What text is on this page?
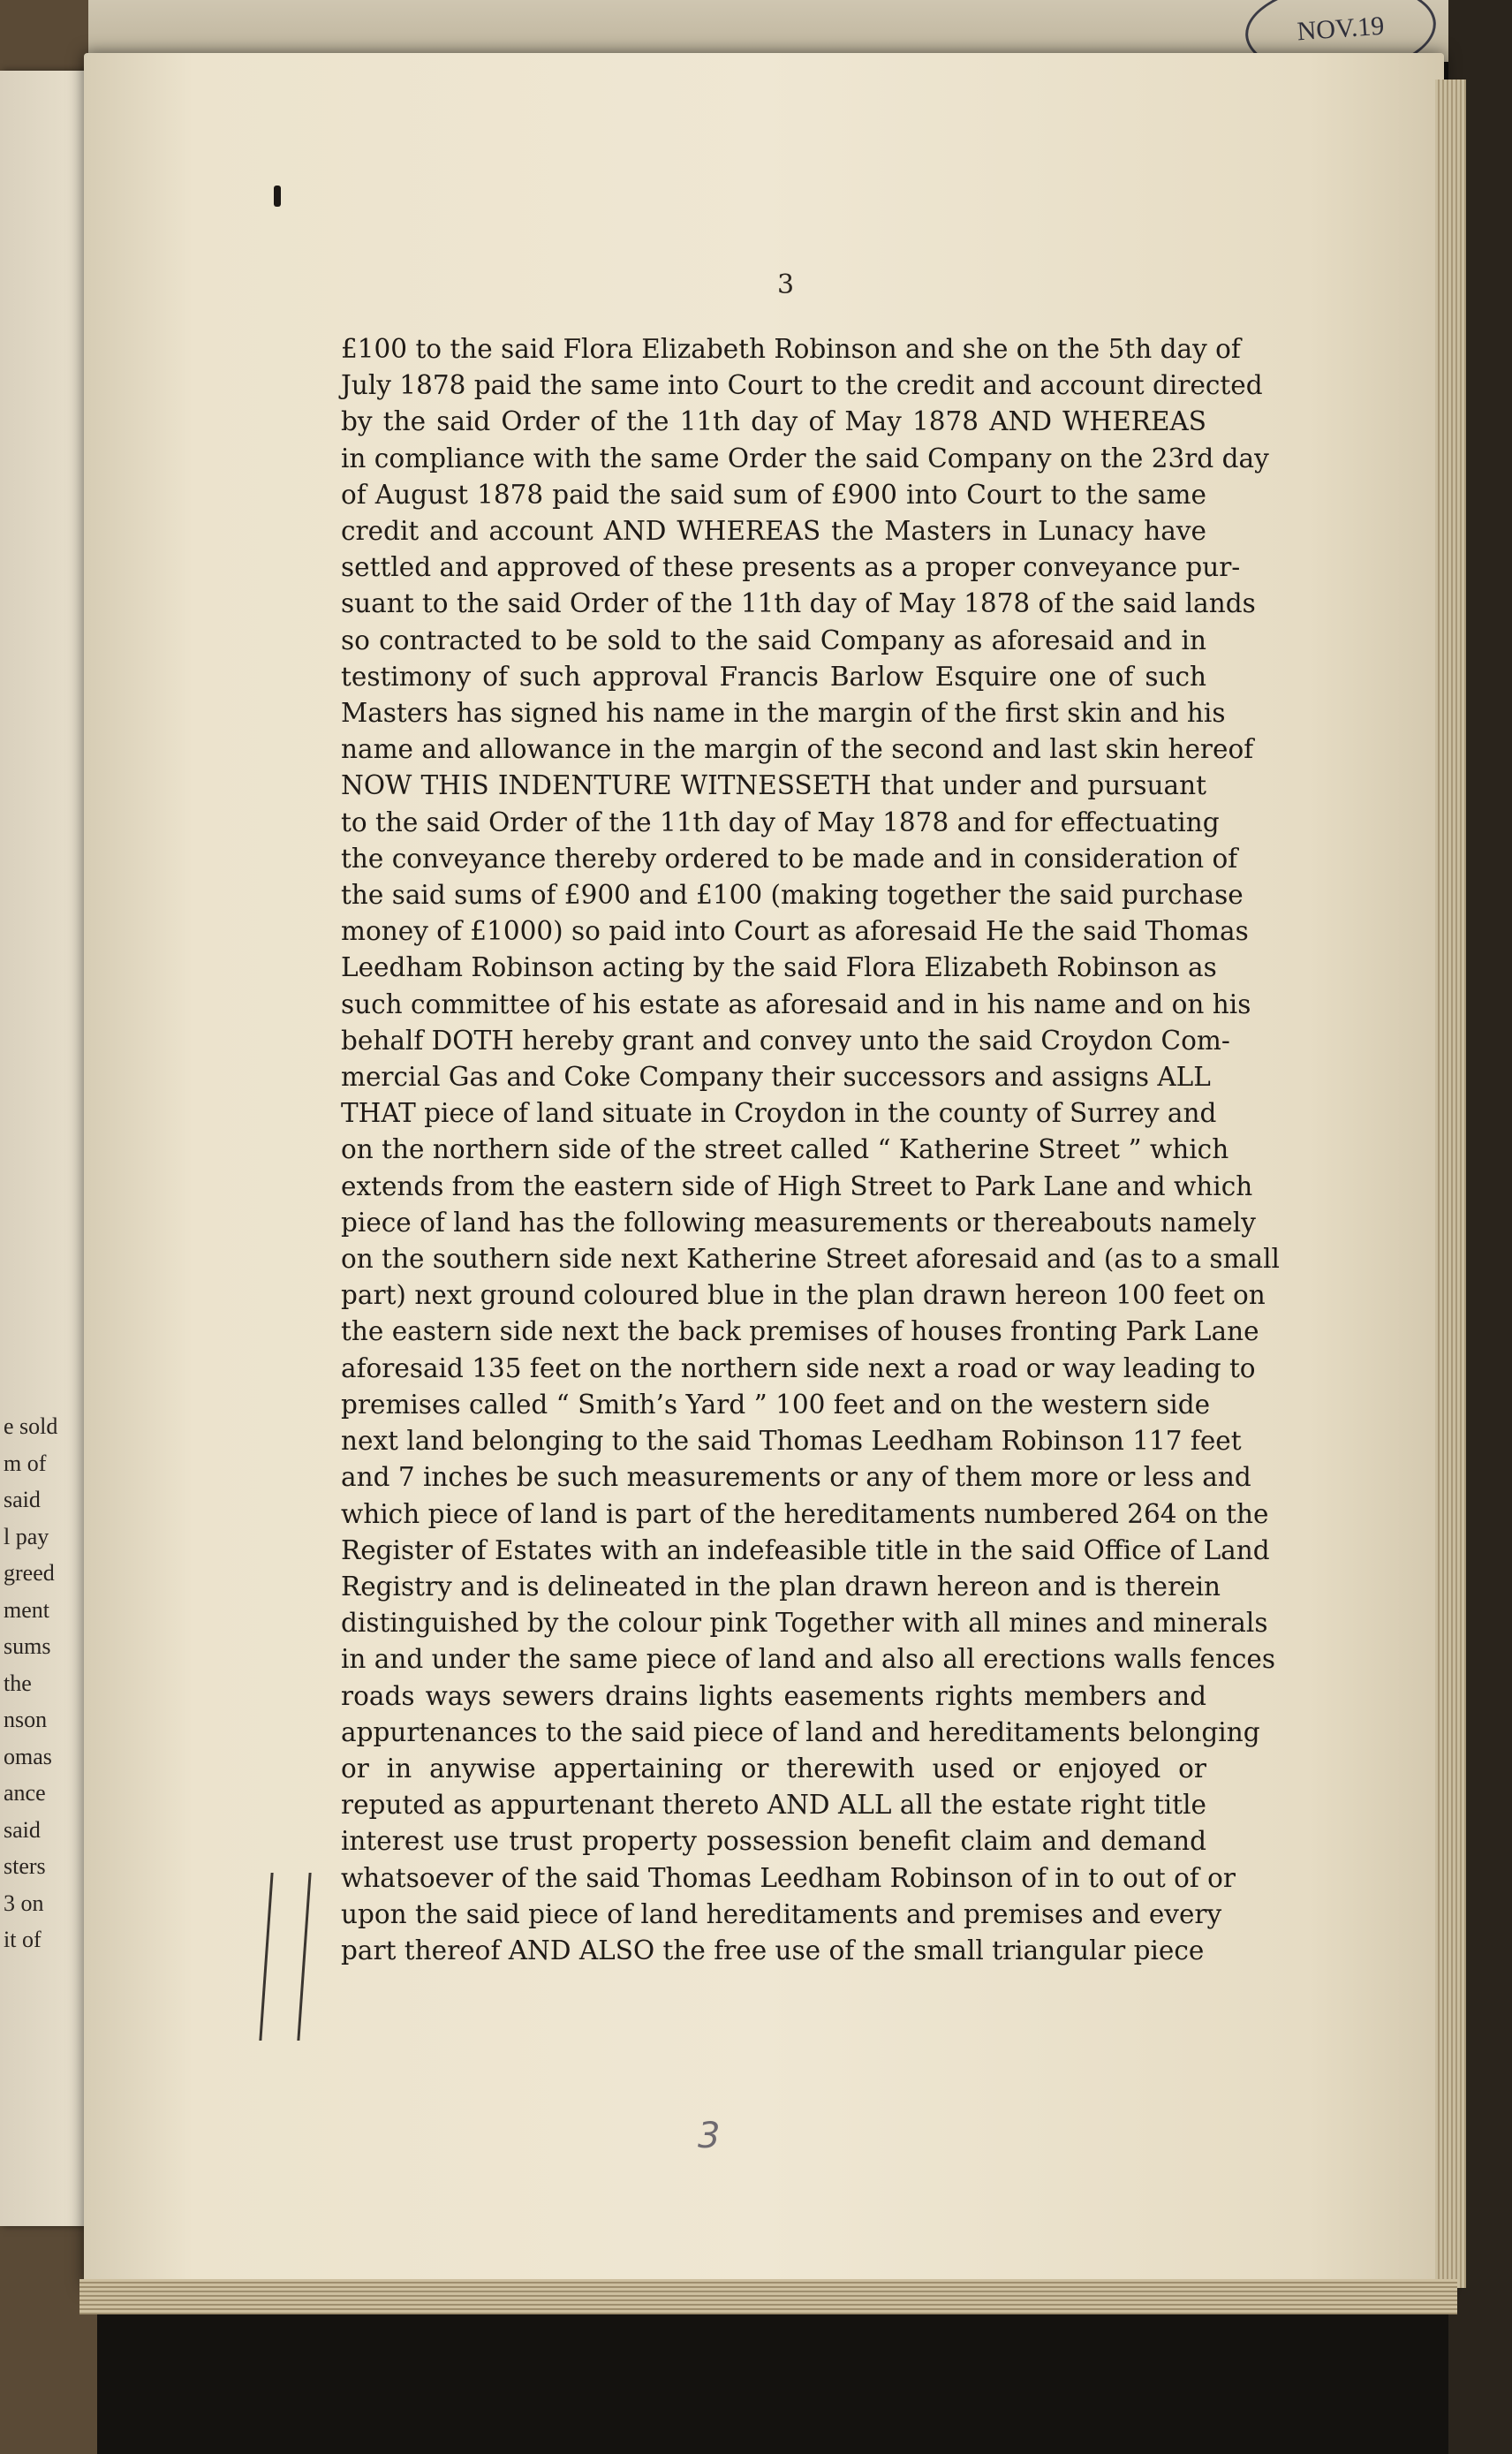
NOV.19
e sold
m of
said
l pay
greed
ment
sums
the
nson
omas
ance
said
sters
3 on
it of
3
£100 to the said Flora Elizabeth Robinson and she on the 5th day of
July 1878 paid the same into Court to the credit and account directed
by the said Order of the 11th day of May 1878 AND WHEREAS
in compliance with the same Order the said Company on the 23rd day
of August 1878 paid the said sum of £900 into Court to the same
credit and account AND WHEREAS the Masters in Lunacy have
settled and approved of these presents as a proper conveyance pur-
suant to the said Order of the 11th day of May 1878 of the said lands
so contracted to be sold to the said Company as aforesaid and in
testimony of such approval Francis Barlow Esquire one of such
Masters has signed his name in the margin of the first skin and his
name and allowance in the margin of the second and last skin hereof
NOW THIS INDENTURE WITNESSETH that under and pursuant
to the said Order of the 11th day of May 1878 and for effectuating
the conveyance thereby ordered to be made and in consideration of
the said sums of £900 and £100 (making together the said purchase
money of £1000) so paid into Court as aforesaid He the said Thomas
Leedham Robinson acting by the said Flora Elizabeth Robinson as
such committee of his estate as aforesaid and in his name and on his
behalf DOTH hereby grant and convey unto the said Croydon Com-
mercial Gas and Coke Company their successors and assigns ALL
THAT piece of land situate in Croydon in the county of Surrey and
on the northern side of the street called “ Katherine Street ” which
extends from the eastern side of High Street to Park Lane and which
piece of land has the following measurements or thereabouts namely
on the southern side next Katherine Street aforesaid and (as to a small
part) next ground coloured blue in the plan drawn hereon 100 feet on
the eastern side next the back premises of houses fronting Park Lane
aforesaid 135 feet on the northern side next a road or way leading to
premises called “ Smith’s Yard ” 100 feet and on the western side
next land belonging to the said Thomas Leedham Robinson 117 feet
and 7 inches be such measurements or any of them more or less and
which piece of land is part of the hereditaments numbered 264 on the
Register of Estates with an indefeasible title in the said Office of Land
Registry and is delineated in the plan drawn hereon and is therein
distinguished by the colour pink Together with all mines and minerals
in and under the same piece of land and also all erections walls fences
roads ways sewers drains lights easements rights members and
appurtenances to the said piece of land and hereditaments belonging
or in anywise appertaining or therewith used or enjoyed or
reputed as appurtenant thereto AND ALL all the estate right title
interest use trust property possession benefit claim and demand
whatsoever of the said Thomas Leedham Robinson of in to out of or
upon the said piece of land hereditaments and premises and every
part thereof AND ALSO the free use of the small triangular piece
3
